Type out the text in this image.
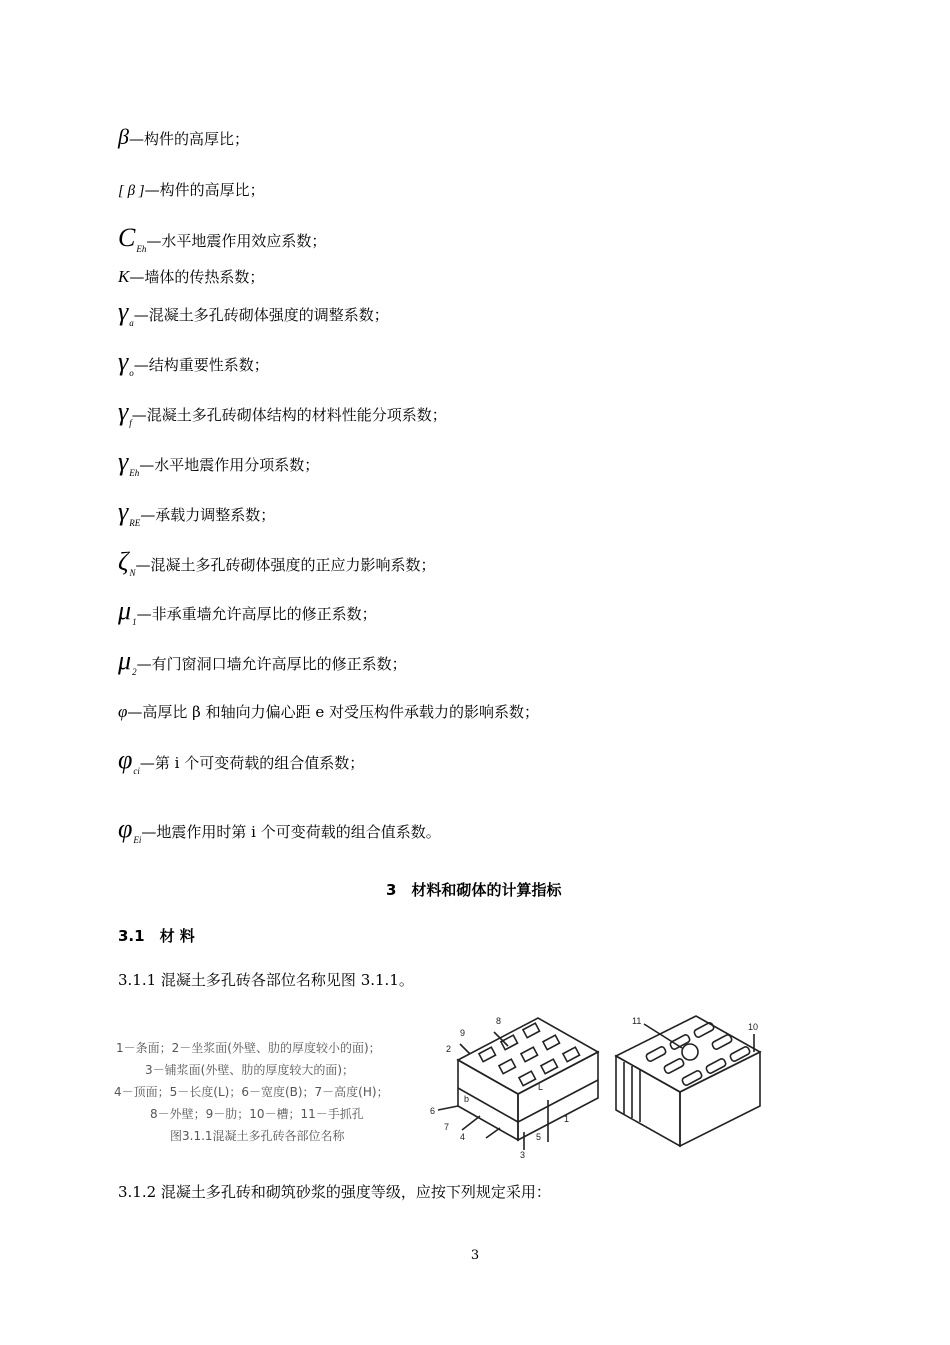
β—构件的高厚比；
[ β ]—构件的高厚比；
$C_{Eh}—$水平地震作用效应系数；
K—墙体的传热系数；
$\gamma_a—$混凝土多孔砖砌体强度的调整系数；
$\gamma_o—$结构重要性系数；
$\gamma_f—$混凝土多孔砖砌体结构的材料性能分项系数；
$\gamma_{Eh}—$水平地震作用分项系数；
$\gamma_{RE}—$承载力调整系数；
$\zeta_N—$混凝土多孔砖砌体强度的正应力影响系数；
$\mu_1—$非承重墙允许高厚比的修正系数；
$\mu_2—$有门窗洞口墙允许高厚比的修正系数；
φ—高厚比 β 和轴向力偏心距 e 对受压构件承载力的影响系数；
$\varphi_{ci}—$第 i 个可变荷载的组合值系数；
$\varphi_{Ei}—$地震作用时第 i 个可变荷载的组合值系数。
3　材料和砌体的计算指标
3.1　材 料
3.1.1 混凝土多孔砖各部位名称见图 3.1.1。
1－条面；2－坐浆面(外壁、肋的厚度较小的面)；
3－铺浆面(外壁、肋的厚度较大的面)；
4－顶面；5－长度(L)；6－宽度(B)；7－高度(H)；
8－外壁；9－肋；10－槽；11－手抓孔
图3.1.1混凝土多孔砖各部位名称
8
9
2
6
7
4
3
5
1
L
b
11
10
3.1.2 混凝土多孔砖和砌筑砂浆的强度等级，应按下列规定采用：
3
